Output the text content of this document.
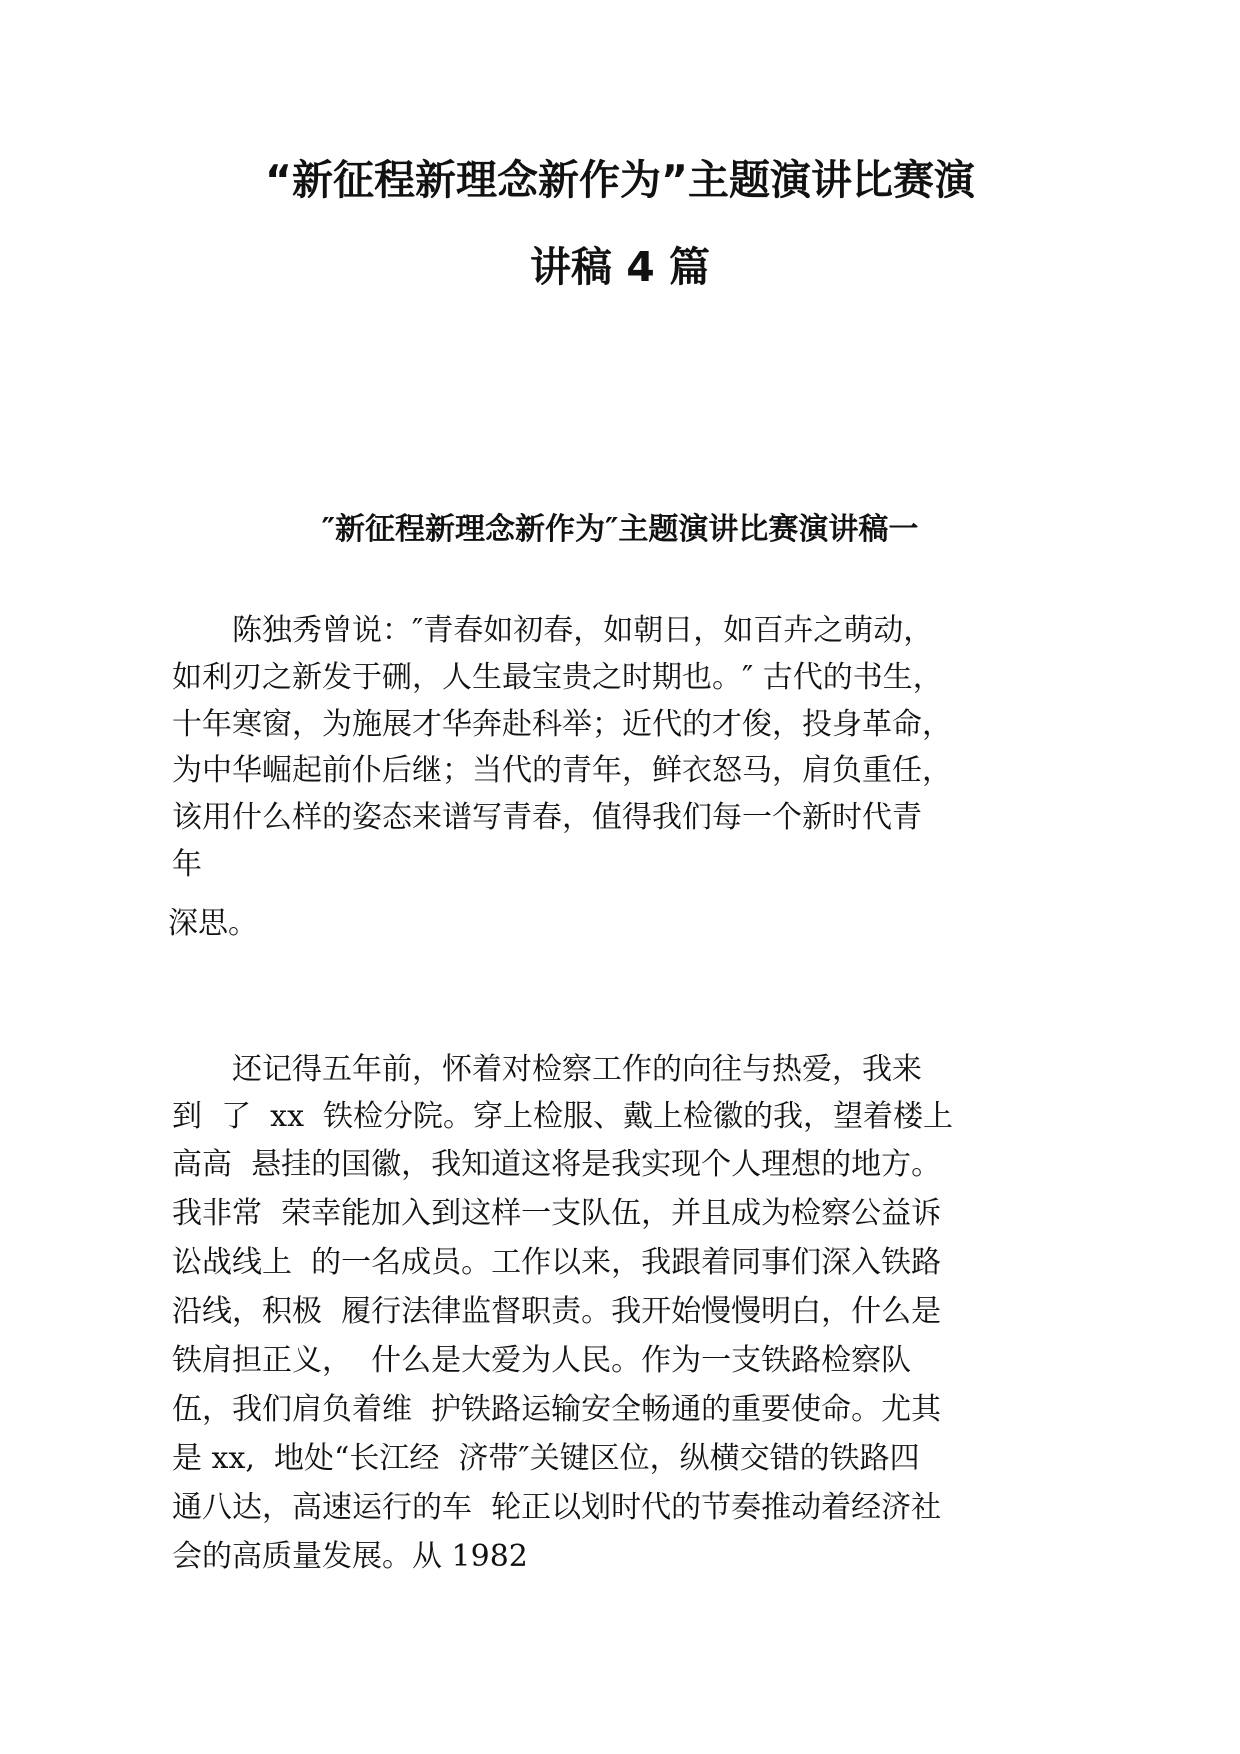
“新征程新理念新作为”主题演讲比赛演
讲稿 4 篇
″新征程新理念新作为″主题演讲比赛演讲稿一
陈独秀曾说：″青春如初春，如朝日，如百卉之萌动，
如利刃之新发于硎，人生最宝贵之时期也。″ 古代的书生，
十年寒窗，为施展才华奔赴科举；近代的才俊，投身革命，
为中华崛起前仆后继；当代的青年，鲜衣怒马，肩负重任，
该用什么样的姿态来谱写青春，值得我们每一个新时代青
年
深思。
还记得五年前，怀着对检察工作的向往与热爱，我来
到  了  xx  铁检分院。穿上检服、戴上检徽的我，望着楼上
高高  悬挂的国徽，我知道这将是我实现个人理想的地方。
我非常  荣幸能加入到这样一支队伍，并且成为检察公益诉
讼战线上  的一名成员。工作以来，我跟着同事们深入铁路
沿线，积极  履行法律监督职责。我开始慢慢明白，什么是
铁肩担正义，  什么是大爱为人民。作为一支铁路检察队
伍，我们肩负着维  护铁路运输安全畅通的重要使命。尤其
是 xx,  地处“长江经  济带″关键区位，纵横交错的铁路四
通八达，高速运行的车  轮正以划时代的节奏推动着经济社
会的高质量发展。从 1982
